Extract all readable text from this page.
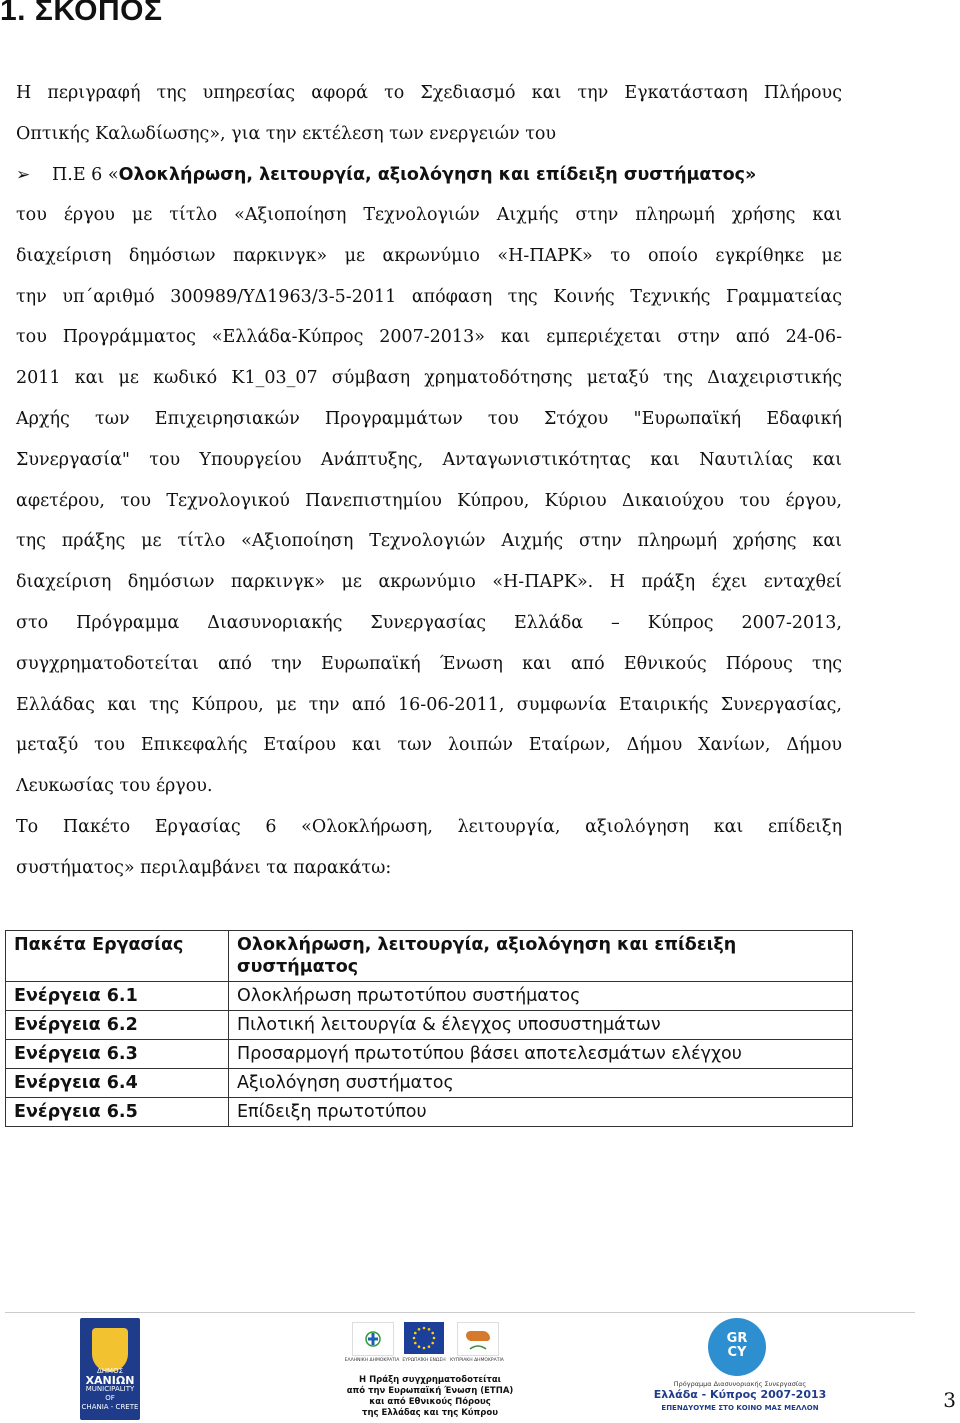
1. ΣΚΟΠΟΣ
Η περιγραφή της υπηρεσίας αφορά το Σχεδιασμό και την Εγκατάσταση Πλήρους
Οπτικής Καλωδίωσης», για την εκτέλεση των ενεργειών του
➢ Π.Ε 6 «Ολοκλήρωση, λειτουργία, αξιολόγηση και επίδειξη συστήματος»
του έργου με τίτλο «Αξιοποίηση Τεχνολογιών Αιχμής στην πληρωμή χρήσης και
διαχείριση δημόσιων παρκινγκ» με ακρωνύμιο «Η-ΠΑΡΚ» το οποίο εγκρίθηκε με
την υπ΄αριθμό 300989/ΥΔ1963/3-5-2011 απόφαση της Κοινής Τεχνικής Γραμματείας
του Προγράμματος «Ελλάδα-Κύπρος 2007-2013» και εμπεριέχεται στην από 24-06-
2011 και με κωδικό Κ1_03_07 σύμβαση χρηματοδότησης μεταξύ της Διαχειριστικής
Αρχής των Επιχειρησιακών Προγραμμάτων του Στόχου "Ευρωπαϊκή Εδαφική
Συνεργασία" του Υπουργείου Ανάπτυξης, Ανταγωνιστικότητας και Ναυτιλίας και
αφετέρου, του Τεχνολογικού Πανεπιστημίου Κύπρου, Κύριου Δικαιούχου του έργου,
της πράξης με τίτλο «Αξιοποίηση Τεχνολογιών Αιχμής στην πληρωμή χρήσης και
διαχείριση δημόσιων παρκινγκ» με ακρωνύμιο «Η-ΠΑΡΚ». Η πράξη έχει ενταχθεί
στο Πρόγραμμα Διασυνοριακής Συνεργασίας Ελλάδα – Κύπρος 2007-2013,
συγχρηματοδοτείται από την Ευρωπαϊκή Ένωση και από Εθνικούς Πόρους της
Ελλάδας και της Κύπρου, με την από 16-06-2011, συμφωνία Εταιρικής Συνεργασίας,
μεταξύ του Επικεφαλής Εταίρου και των λοιπών Εταίρων, Δήμου Χανίων, Δήμου
Λευκωσίας του έργου.
Το Πακέτο Εργασίας 6 «Ολοκλήρωση, λειτουργία, αξιολόγηση και επίδειξη
συστήματος» περιλαμβάνει τα παρακάτω:
Πακέτα Εργασίας	Ολοκλήρωση, λειτουργία, αξιολόγηση και επίδειξη συστήματος
Ενέργεια 6.1	Ολοκλήρωση πρωτοτύπου συστήματος
Ενέργεια 6.2	Πιλοτική λειτουργία & έλεγχος υποσυστημάτων
Ενέργεια 6.3	Προσαρμογή πρωτοτύπου βάσει αποτελεσμάτων ελέγχου
Ενέργεια 6.4	Αξιολόγηση συστήματος
Ενέργεια 6.5	Επίδειξη πρωτοτύπου
ΔΗΜΟΣ
ΧΑΝΙΩΝ
MUNICIPALITY OF
CHANIA - CRETE
ΕΛΛΗΝΙΚΗ ΔΗΜΟΚΡΑΤΙΑ ΕΥΡΩΠΑΪΚΗ ΕΝΩΣΗ	ΚΥΠΡΙΑΚΗ ΔΗΜΟΚΡΑΤΙΑ
Η Πράξη συγχρηματοδοτείται
από την Ευρωπαϊκή Ένωση (ΕΤΠΑ)
και από Εθνικούς Πόρους
της Ελλάδας και της Κύπρου
GR
CY
Πρόγραμμα Διασυνοριακής Συνεργασίας
Ελλάδα - Κύπρος 2007-2013
ΕΠΕΝΔΥΟΥΜΕ ΣΤΟ ΚΟΙΝΟ ΜΑΣ ΜΕΛΛΟΝ	3
